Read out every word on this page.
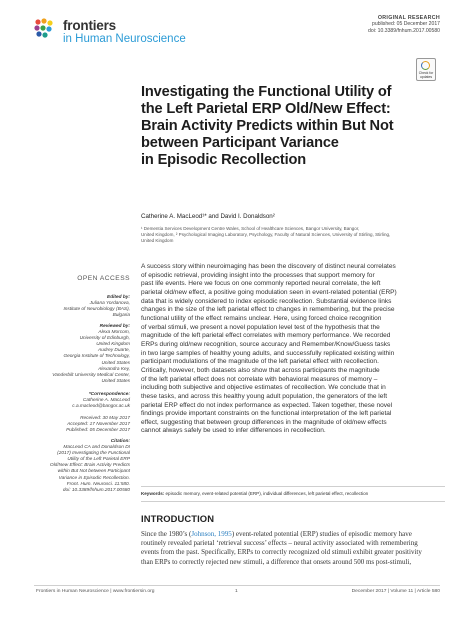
frontiers
in Human Neuroscience
ORIGINAL RESEARCH
published: 05 December 2017
doi: 10.3389/fnhum.2017.00580
Check for
updates
Investigating the Functional Utility of
the Left Parietal ERP Old/New Effect:
Brain Activity Predicts within But Not
between Participant Variance
in Episodic Recollection
Catherine A. MacLeod¹* and David I. Donaldson²
¹ Dementia Services Development Centre Wales, School of Healthcare Sciences, Bangor University, Bangor,
United Kingdom, ² Psychological Imaging Laboratory, Psychology, Faculty of Natural Sciences, University of Stirling, Stirling,
United Kingdom
A success story within neuroimaging has been the discovery of distinct neural correlates
of episodic retrieval, providing insight into the processes that support memory for
past life events. Here we focus on one commonly reported neural correlate, the left
parietal old/new effect, a positive going modulation seen in event-related potential (ERP)
data that is widely considered to index episodic recollection. Substantial evidence links
changes in the size of the left parietal effect to changes in remembering, but the precise
functional utility of the effect remains unclear. Here, using forced choice recognition
of verbal stimuli, we present a novel population level test of the hypothesis that the
magnitude of the left parietal effect correlates with memory performance. We recorded
ERPs during old/new recognition, source accuracy and Remember/Know/Guess tasks
in two large samples of healthy young adults, and successfully replicated existing within
participant modulations of the magnitude of the left parietal effect with recollection.
Critically, however, both datasets also show that across participants the magnitude
of the left parietal effect does not correlate with behavioral measures of memory –
including both subjective and objective estimates of recollection. We conclude that in
these tasks, and across this healthy young adult population, the generators of the left
parietal ERP effect do not index performance as expected. Taken together, these novel
findings provide important constraints on the functional interpretation of the left parietal
effect, suggesting that between group differences in the magnitude of old/new effects
cannot always safely be used to infer differences in recollection.
Keywords: episodic memory, event-related potential (ERP), individual differences, left parietal effect, recollection
INTRODUCTION
Since the 1980’s (Johnson, 1995) event-related potential (ERP) studies of episodic memory have
routinely revealed parietal ‘retrieval success’ effects – neural activity associated with remembering
events from the past. Specifically, ERPs to correctly recognized old stimuli exhibit greater positivity
than ERPs to correctly rejected new stimuli, a difference that onsets around 500 ms post-stimuli,
OPEN ACCESS
Edited by:
Juliana Yordanova,
Institute of Neurobiology (BAS),
Bulgaria
Reviewed by:
Alexa Morcom,
University of Edinburgh,
United Kingdom
Audrey Duarte,
Georgia Institute of Technology,
United States
Alexandra Key,
Vanderbilt University Medical Center,
United States
*Correspondence:
Catherine A. MacLeod
c.a.macleod@bangor.ac.uk
Received: 30 May 2017
Accepted: 17 November 2017
Published: 05 December 2017
Citation:
MacLeod CA and Donaldson DI
(2017) Investigating the Functional
Utility of the Left Parietal ERP
Old/New Effect: Brain Activity Predicts
within But Not between Participant
Variance in Episodic Recollection.
Front. Hum. Neurosci. 11:580.
doi: 10.3389/fnhum.2017.00580
Frontiers in Human Neuroscience | www.frontiersin.org	1	December 2017 | Volume 11 | Article 580
